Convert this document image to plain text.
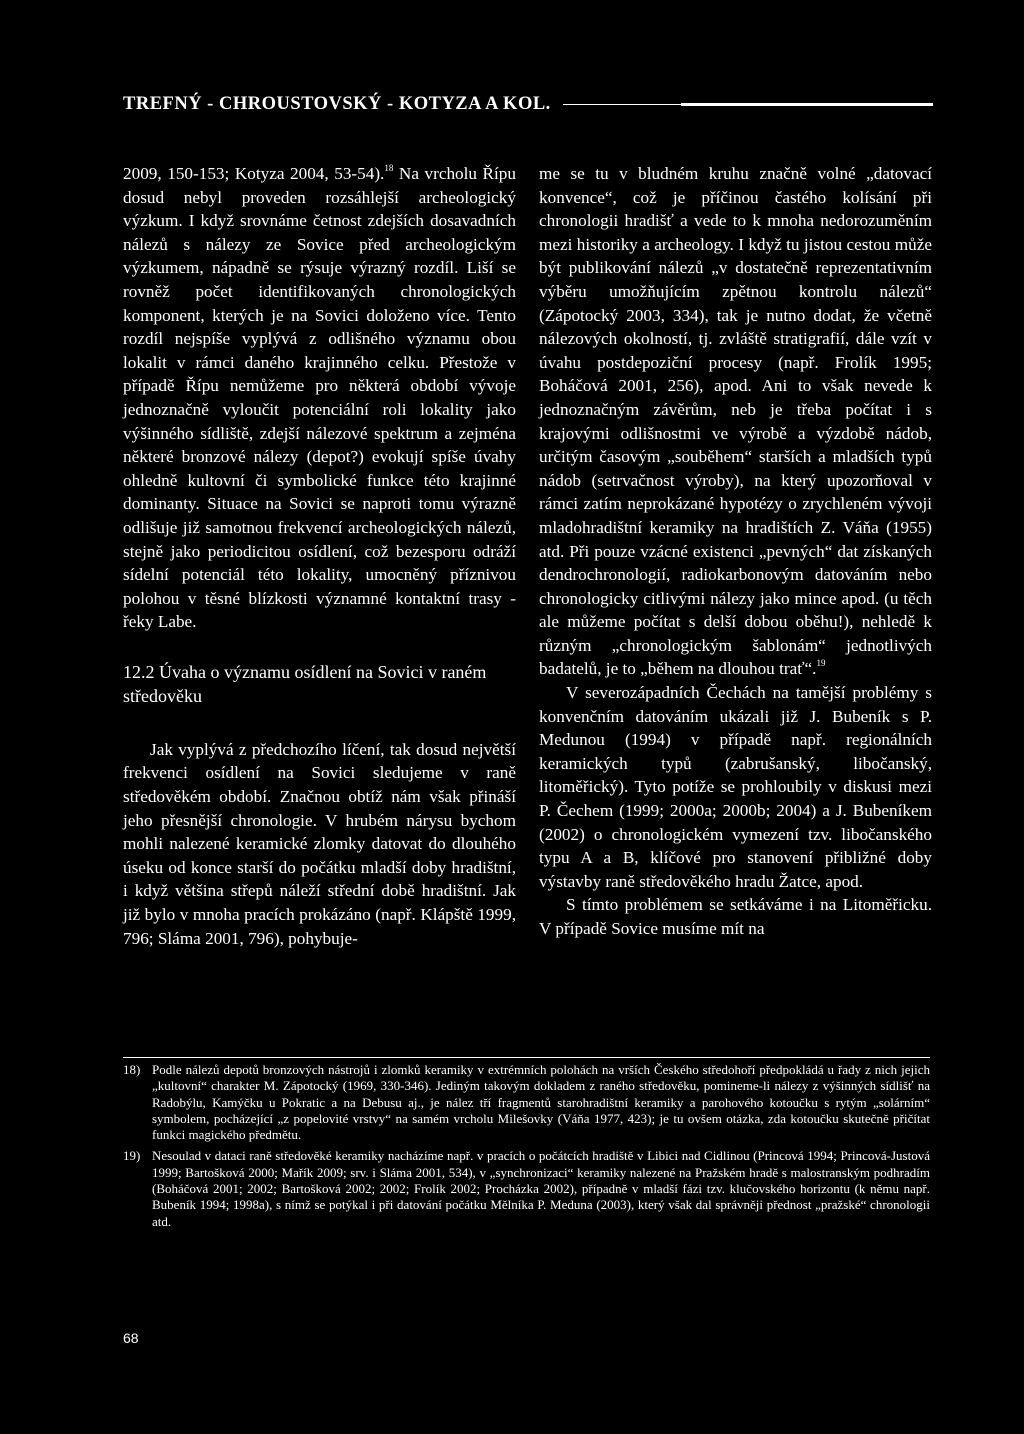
TREFNÝ - CHROUSTOVSKÝ - KOTYZA A KOL.

2009, 150-153; Kotyza 2004, 53-54).$^{18}$ Na vrcholu Řípu dosud nebyl proveden rozsáhlejší archeologický výzkum. I když srovnáme četnost zdejších dosavadních nálezů s nálezy ze Sovice před archeologickým výzkumem, nápadně se rýsuje výrazný rozdíl. Liší se rovněž počet identifikovaných chronologických komponent, kterých je na Sovici doloženo více. Tento rozdíl nejspíše vyplývá z odlišného významu obou lokalit v rámci daného krajinného celku. Přestože v případě Řípu nemůžeme pro některá období vývoje jednoznačně vyloučit potenciální roli lokality jako výšinného sídliště, zdejší nálezové spektrum a zejména některé bronzové nálezy (depot?) evokují spíše úvahy ohledně kultovní či symbolické funkce této krajinné dominanty. Situace na Sovici se naproti tomu výrazně odlišuje již samotnou frekvencí archeologických nálezů, stejně jako periodicitou osídlení, což bezesporu odráží sídelní potenciál této lokality, umocněný příznivou polohou v těsné blízkosti významné kontaktní trasy - řeky Labe.

12.2 Úvaha o významu osídlení na Sovici v raném středověku

Jak vyplývá z předchozího líčení, tak dosud největší frekvenci osídlení na Sovici sledujeme v raně středověkém období. Značnou obtíž nám však přináší jeho přesnější chronologie. V hrubém nárysu bychom mohli nalezené keramické zlomky datovat do dlouhého úseku od konce starší do počátku mladší doby hradištní, i když většina střepů náleží střední době hradištní. Jak již bylo v mnoha pracích prokázáno (např. Klápště 1999, 796; Sláma 2001, 796), pohybuje-

me se tu v bludném kruhu značně volné „datovací konvence“, což je příčinou častého kolísání při chronologii hradišť a vede to k mnoha nedorozuměním mezi historiky a archeology. I když tu jistou cestou může být publikování nálezů „v dostatečně reprezentativním výběru umožňujícím zpětnou kontrolu nálezů“ (Zápotocký 2003, 334), tak je nutno dodat, že včetně nálezových okolností, tj. zvláště stratigrafií, dále vzít v úvahu postdepoziční procesy (např. Frolík 1995; Boháčová 2001, 256), apod. Ani to však nevede k jednoznačným závěrům, neb je třeba počítat i s krajovými odlišnostmi ve výrobě a výzdobě nádob, určitým časovým „souběhem“ starších a mladších typů nádob (setrvačnost výroby), na který upozorňoval v rámci zatím neprokázané hypotézy o zrychleném vývoji mladohradištní keramiky na hradištích Z. Váňa (1955) atd. Při pouze vzácné existenci „pevných“ dat získaných dendrochronologií, radiokarbonovým datováním nebo chronologicky citlivými nálezy jako mince apod. (u těch ale můžeme počítat s delší dobou oběhu!), nehledě k různým „chronologickým šablonám“ jednotlivých badatelů, je to „během na dlouhou trať“.$^{19}$

V severozápadních Čechách na tamější problémy s konvenčním datováním ukázali již J. Bubeník s P. Medunou (1994) v případě např. regionálních keramických typů (zabrušanský, libočanský, litoměřický). Tyto potíže se prohloubily v diskusi mezi P. Čechem (1999; 2000a; 2000b; 2004) a J. Bubeníkem (2002) o chronologickém vymezení tzv. libočanského typu A a B, klíčové pro stanovení přibližné doby výstavby raně středověkého hradu Žatce, apod.

S tímto problémem se setkáváme i na Litoměřicku. V případě Sovice musíme mít na

18) Podle nálezů depotů bronzových nástrojů i zlomků keramiky v extrémních polohách na vrších Českého středohoří předpokládá u řady z nich jejich „kultovní“ charakter M. Zápotocký (1969, 330-346). Jediným takovým dokladem z raného středověku, pomineme-li nálezy z výšinných sídlišť na Radobýlu, Kamýčku u Pokratic a na Debusu aj., je nález tří fragmentů starohradištní keramiky a parohového kotoučku s rytým „solárním“ symbolem, pocházející „z popelovité vrstvy“ na samém vrcholu Milešovky (Váňa 1977, 423); je tu ovšem otázka, zda kotoučku skutečně přičítat funkci magického předmětu.
19) Nesoulad v dataci raně středověké keramiky nacházíme např. v pracích o počátcích hradiště v Libici nad Cidlinou (Princová 1994; Princová-Justová 1999; Bartošková 2000; Mařík 2009; srv. i Sláma 2001, 534), v „synchronizaci“ keramiky nalezené na Pražském hradě s malostranským podhradím (Boháčová 2001; 2002; Bartošková 2002; 2002; Frolík 2002; Procházka 2002), případně v mladší fázi tzv. klučovského horizontu (k němu např. Bubeník 1994; 1998a), s nímž se potýkal i při datování počátku Mělníka P. Meduna (2003), který však dal správněji přednost „pražské“ chronologii atd.
68
